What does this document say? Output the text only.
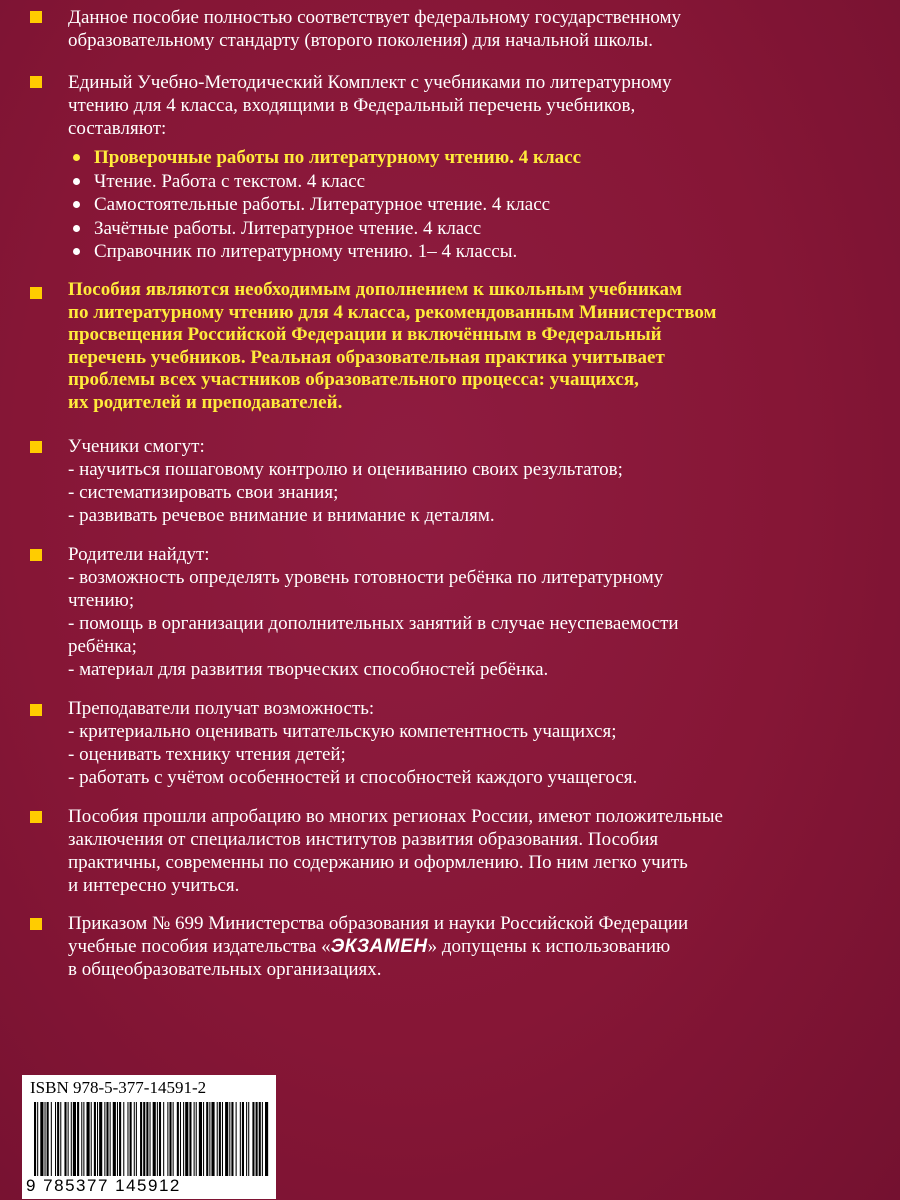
Данное пособие полностью соответствует федеральному государственному
образовательному стандарту (второго поколения) для начальной школы.
Единый Учебно-Методический Комплект с учебниками по литературному
чтению для 4 класса, входящими в Федеральный перечень учебников,
составляют:
Проверочные работы по литературному чтению. 4 класс
Чтение. Работа с текстом. 4 класс
Самостоятельные работы. Литературное чтение. 4 класс
Зачётные работы. Литературное чтение. 4 класс
Справочник по литературному чтению. 1– 4 классы.
Пособия являются необходимым дополнением к школьным учебникам
по литературному чтению для 4 класса, рекомендованным Министерством
просвещения Российской Федерации и включённым в Федеральный
перечень учебников. Реальная образовательная практика учитывает
проблемы всех участников образовательного процесса: учащихся,
их родителей и преподавателей.
Ученики смогут:
- научиться пошаговому контролю и оцениванию своих результатов;
- систематизировать свои знания;
- развивать речевое внимание и внимание к деталям.
Родители найдут:
- возможность определять уровень готовности ребёнка по литературному
чтению;
- помощь в организации дополнительных занятий в случае неуспеваемости
ребёнка;
- материал для развития творческих способностей ребёнка.
Преподаватели получат возможность:
- критериально оценивать читательскую компетентность учащихся;
- оценивать технику чтения детей;
- работать с учётом особенностей и способностей каждого учащегося.
Пособия прошли апробацию во многих регионах России, имеют положительные
заключения от специалистов институтов развития образования. Пособия
практичны, современны по содержанию и оформлению. По ним легко учить
и интересно учиться.
Приказом № 699 Министерства образования и науки Российской Федерации
учебные пособия издательства «ЭКЗАМЕН» допущены к использованию
в общеобразовательных организациях.
ISBN 978-5-377-14591-2
9 785377 145912
